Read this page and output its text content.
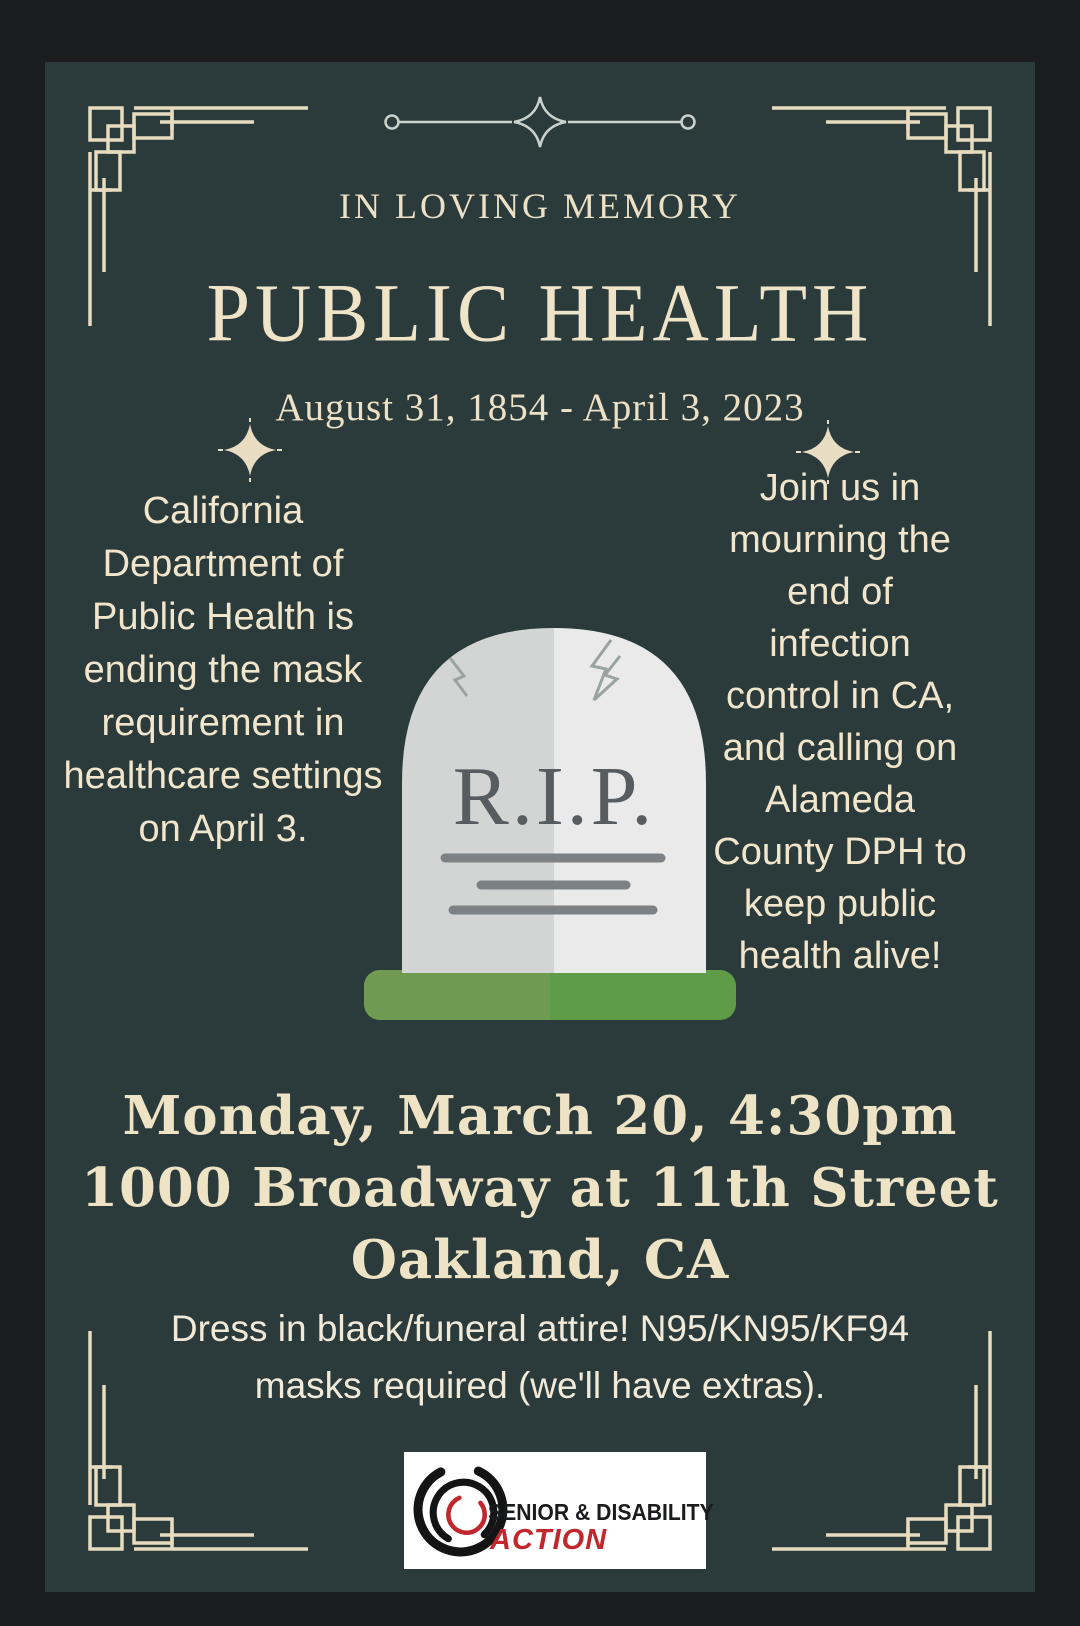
IN LOVING MEMORY
PUBLIC HEALTH
August 31, 1854 - April 3, 2023
California
Department of
Public Health is
ending the mask
requirement in
healthcare settings
on April 3.
Join us in
mourning the
end of
infection
control in CA,
and calling on
Alameda
County DPH to
keep public
health alive!
R.I.P.
Monday, March 20, 4:30pm
1000 Broadway at 11th Street
Oakland, CA
Dress in black/funeral attire! N95/KN95/KF94
masks required (we'll have extras).
SENIOR & DISABILITY
ACTION
